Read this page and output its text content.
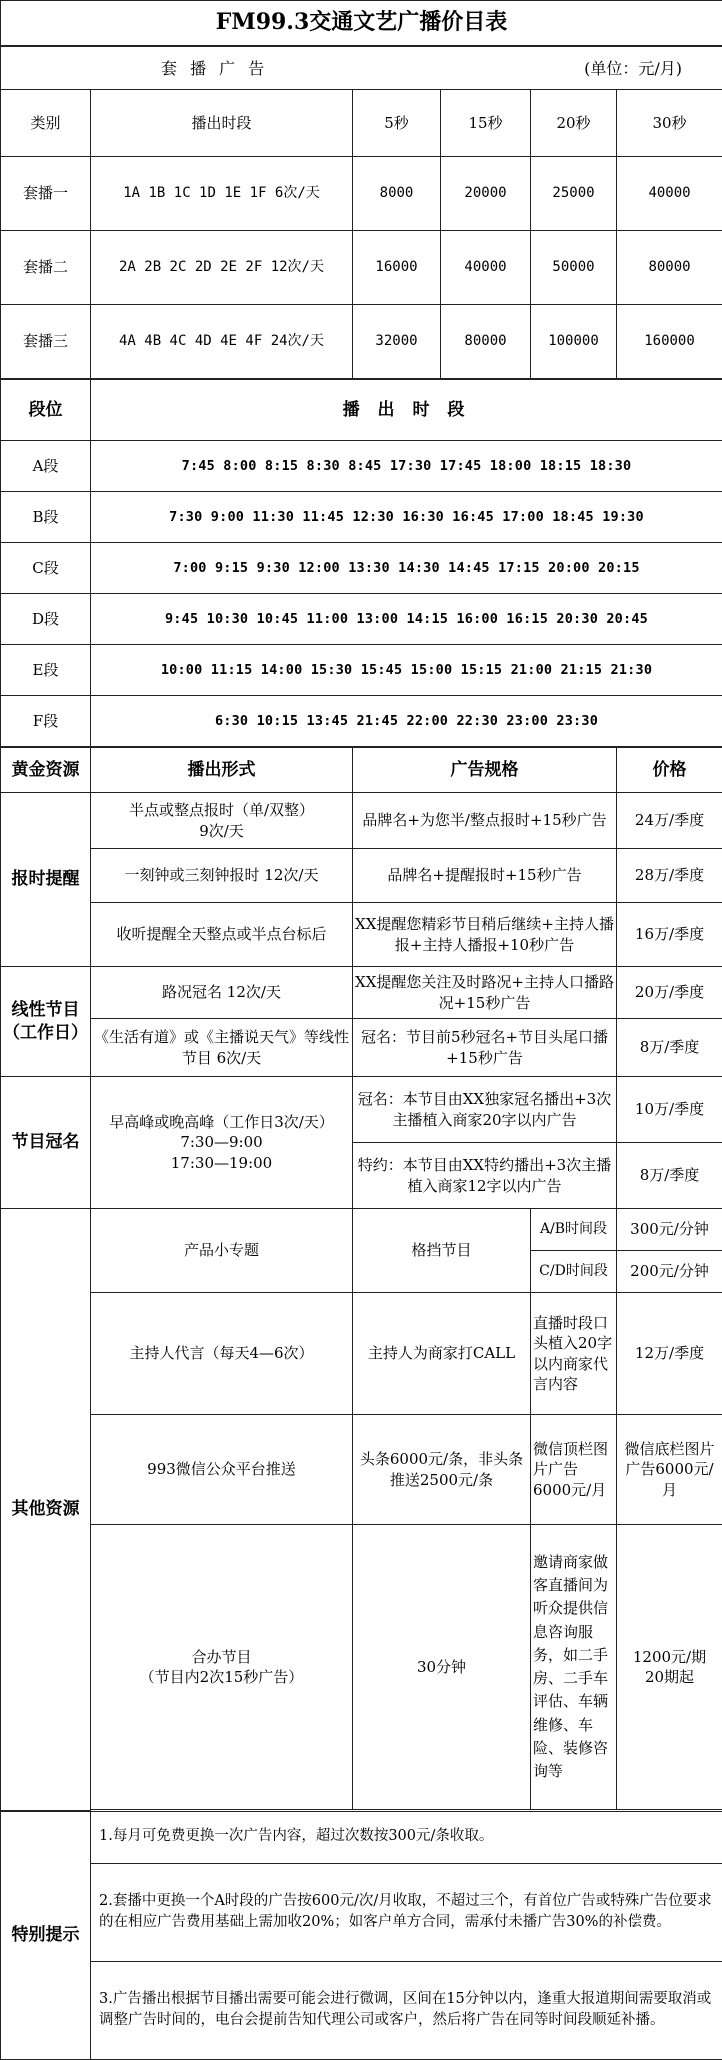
FM99.3交通文艺广播价目表
套 播 广 告 (单位：元/月)					

类别	播出时段	5秒	15秒	20秒	30秒
套播一	1A 1B 1C 1D 1E 1F 6次/天	8000	20000	25000	40000
套播二	2A 2B 2C 2D 2E 2F 12次/天	16000	40000	50000	80000
套播三	4A 4B 4C 4D 4E 4F 24次/天	32000	80000	100000	160000
段位	播 出 时 段
A段	7:45 8:00 8:15 8:30 8:45 17:30 17:45 18:00 18:15 18:30
B段	7:30 9:00 11:30 11:45 12:30 16:30 16:45 17:00 18:45 19:30
C段	7:00 9:15 9:30 12:00 13:30 14:30 14:45 17:15 20:00 20:15
D段	9:45 10:30 10:45 11:00 13:00 14:15 16:00 16:15 20:30 20:45
E段	10:00 11:15 14:00 15:30 15:45 15:00 15:15 21:00 21:15 21:30
F段	6:30 10:15 13:45 21:45 22:00 22:30 23:00 23:30
黄金资源	播出形式	广告规格		价格
报时提醒	半点或整点报时（单/双整）
9次/天	品牌名+为您半/整点报时+15秒广告		24万/季度
	一刻钟或三刻钟报时 12次/天	品牌名+提醒报时+15秒广告		28万/季度
	收听提醒全天整点或半点台标后	XX提醒您精彩节目稍后继续+主持人播报+主持人播报+10秒广告		16万/季度
线性节目（工作日）	路况冠名 12次/天	XX提醒您关注及时路况+主持人口播路况+15秒广告		20万/季度
	《生活有道》或《主播说天气》等线性节目 6次/天	冠名：节目前5秒冠名+节目头尾口播+15秒广告		8万/季度
节目冠名	早高峰或晚高峰（工作日3次/天） 7:30—9:00
17:30—19:00	冠名：本节目由XX独家冠名播出+3次主播植入商家20字以内广告		10万/季度
		特约：本节目由XX特约播出+3次主播植入商家12字以内广告		8万/季度
其他资源	产品小专题	格挡节目	A/B时间段	300元/分钟
			C/D时间段	200元/分钟
	主持人代言（每天4—6次）	主持人为商家打CALL	直播时段口头植入20字以内商家代言内容	12万/季度
	993微信公众平台推送	头条6000元/条，非头条推送2500元/条	微信顶栏图片广告6000元/月	微信底栏图片广告6000元/月
	合办节目
（节目内2次15秒广告）	30分钟	邀请商家做客直播间为听众提供信息咨询服务，如二手房、二手车评估、车辆维修、车险、装修咨询等	1200元/期
20期起

特别提示	1.每月可免费更换一次广告内容，超过次数按300元/条收取。
2.套播中更换一个A时段的广告按600元/次/月收取，不超过三个，有首位广告或特殊广告位要求的在相应广告费用基础上需加收20%；如客户单方合同，需承付未播广告30%的补偿费。
3.广告播出根据节目播出需要可能会进行微调，区间在15分钟以内，逢重大报道期间需要取消或调整广告时间的，电台会提前告知代理公司或客户，然后将广告在同等时间段顺延补播。
